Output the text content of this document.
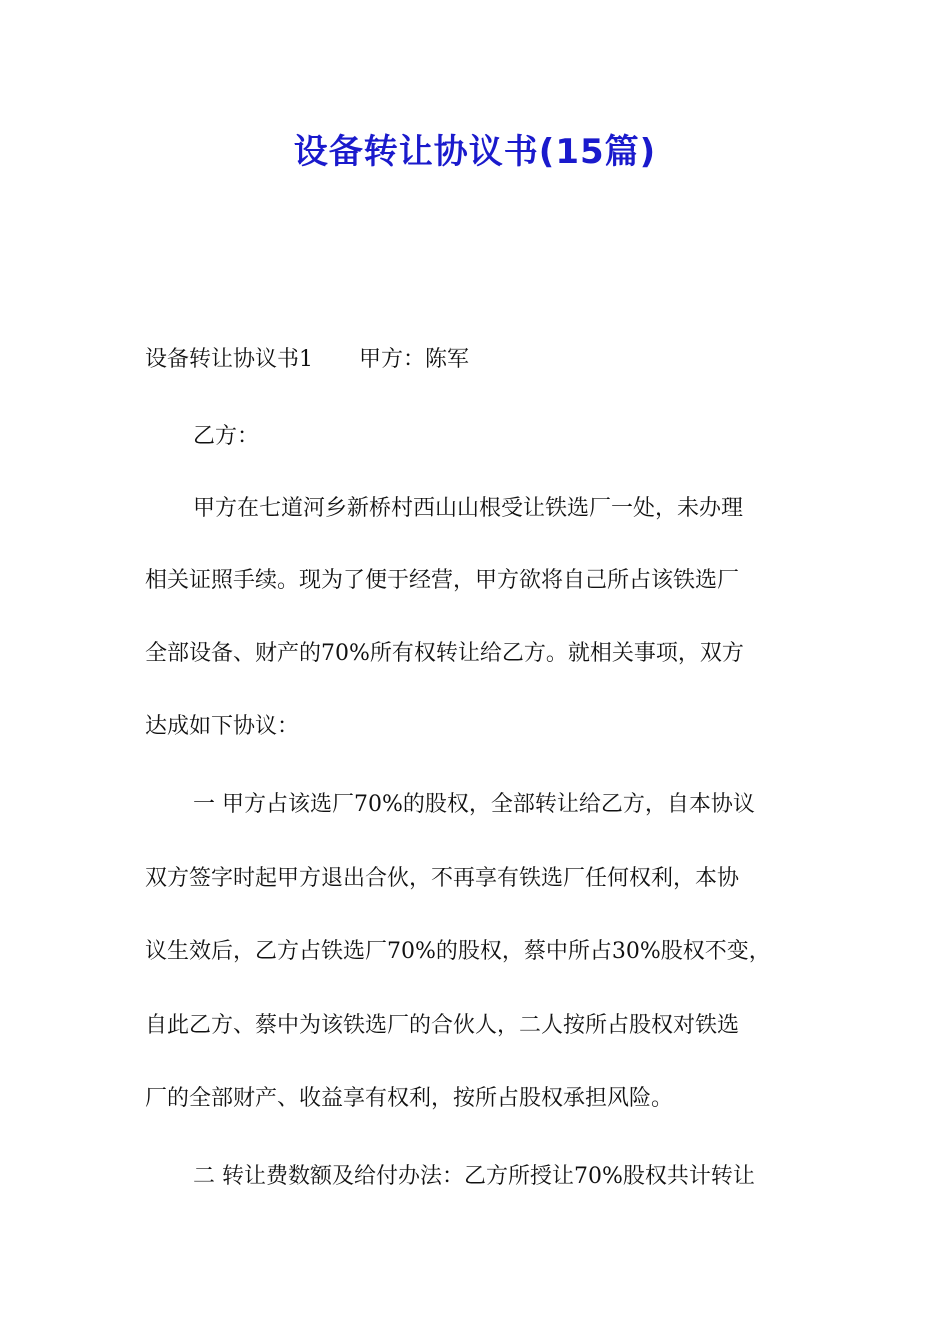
设备转让协议书(15篇)
设备转让协议书1 甲方：陈军
乙方：
甲方在七道河乡新桥村西山山根受让铁选厂一处，未办理
相关证照手续。现为了便于经营，甲方欲将自己所占该铁选厂
全部设备、财产的70%所有权转让给乙方。就相关事项，双方
达成如下协议：
一 甲方占该选厂70%的股权，全部转让给乙方，自本协议
双方签字时起甲方退出合伙，不再享有铁选厂任何权利，本协
议生效后，乙方占铁选厂70%的股权，蔡中所占30%股权不变，
自此乙方、蔡中为该铁选厂的合伙人，二人按所占股权对铁选
厂的全部财产、收益享有权利，按所占股权承担风险。
二 转让费数额及给付办法：乙方所授让70%股权共计转让
